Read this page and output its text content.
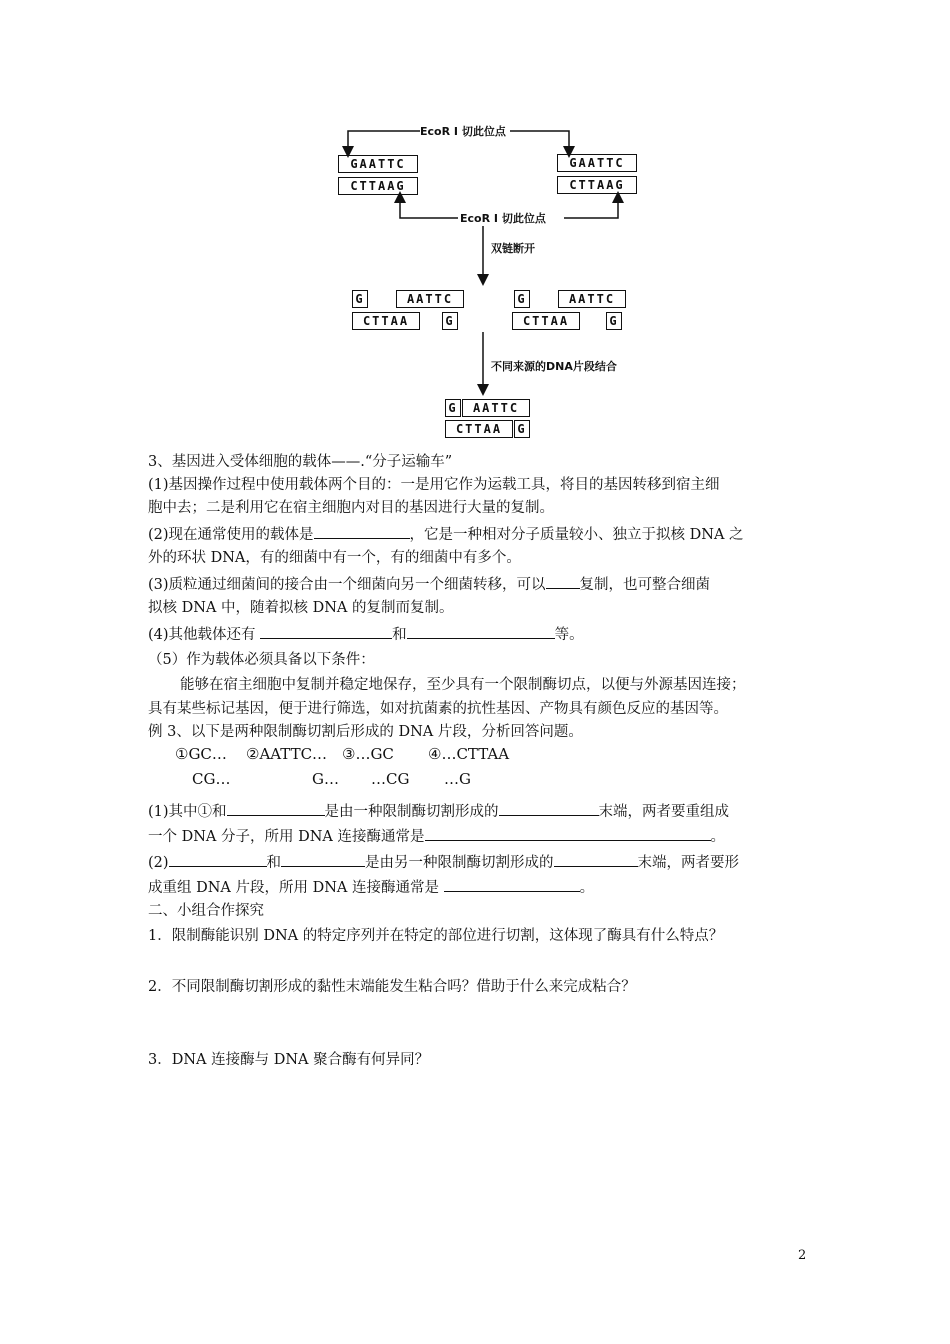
EcoR Ⅰ 切此位点
EcoR Ⅰ 切此位点
双链断开
不同来源的DNA片段结合
GAATTC
CTTAAG
GAATTC
CTTAAG
G	AATTC
CTTAA	G
G	AATTC
CTTAA	G
G	AATTC
CTTAA	G
3、基因进入受体细胞的载体——.“分子运输车”
(1)基因操作过程中使用载体两个目的：一是用它作为运载工具，将目的基因转移到宿主细
胞中去；二是利用它在宿主细胞内对目的基因进行大量的复制。
(2)现在通常使用的载体是	，它是一种相对分子质量较小、独立于拟核 DNA 之
外的环状 DNA，有的细菌中有一个，有的细菌中有多个。
(3)质粒通过细菌间的接合由一个细菌向另一个细菌转移，可以 复制，也可整合细菌
拟核 DNA 中，随着拟核 DNA 的复制而复制。
(4)其他载体还有	和	等。
（5）作为载体必须具备以下条件：
能够在宿主细胞中复制并稳定地保存，至少具有一个限制酶切点，以便与外源基因连接；
具有某些标记基因，便于进行筛选，如对抗菌素的抗性基因、产物具有颜色反应的基因等。
例 3、以下是两种限制酶切割后形成的 DNA 片段，分析回答问题。
①GC… ②AATTC… ③…GC ④…CTTAA
CG…	G… …CG …G
(1)其中①和	是由一种限制酶切割形成的	末端，两者要重组成
一个 DNA 分子，所用 DNA 连接酶通常是	。
(2)	和	是由另一种限制酶切割形成的	末端，两者要形
成重组 DNA 片段，所用 DNA 连接酶通常是	。
二、小组合作探究
1．限制酶能识别 DNA 的特定序列并在特定的部位进行切割，这体现了酶具有什么特点？
2．不同限制酶切割形成的黏性末端能发生粘合吗？借助于什么来完成粘合？
3．DNA 连接酶与 DNA 聚合酶有何异同？
2
